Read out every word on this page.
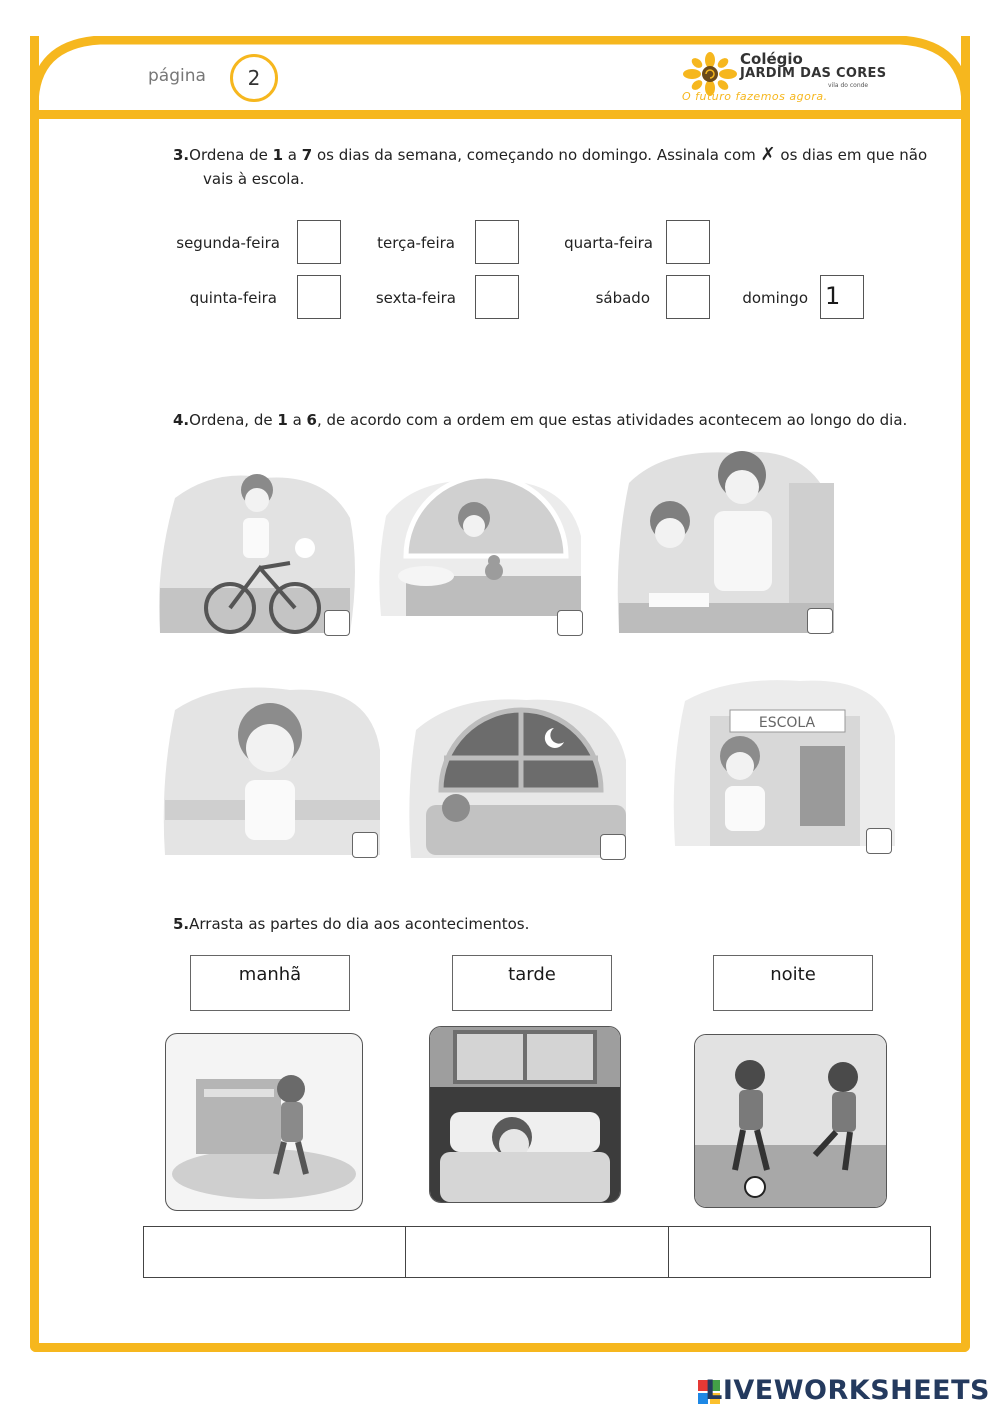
página	2
Colégio
JARDIM DAS CORES
vila do conde
O futuro fazemos agora.
3.Ordena de 1 a 7 os dias da semana, começando no domingo. Assinala com ✗ os dias em que não
vais à escola.
segunda-feira	terça-feira	quarta-feira
quinta-feira	sexta-feira	sábado	domingo 1
4.Ordena, de 1 a 6, de acordo com a ordem em que estas atividades acontecem ao longo do dia.
ESCOLA
5.Arrasta as partes do dia aos acontecimentos.
manhã	tarde	noite
LIVEWORKSHEETS
